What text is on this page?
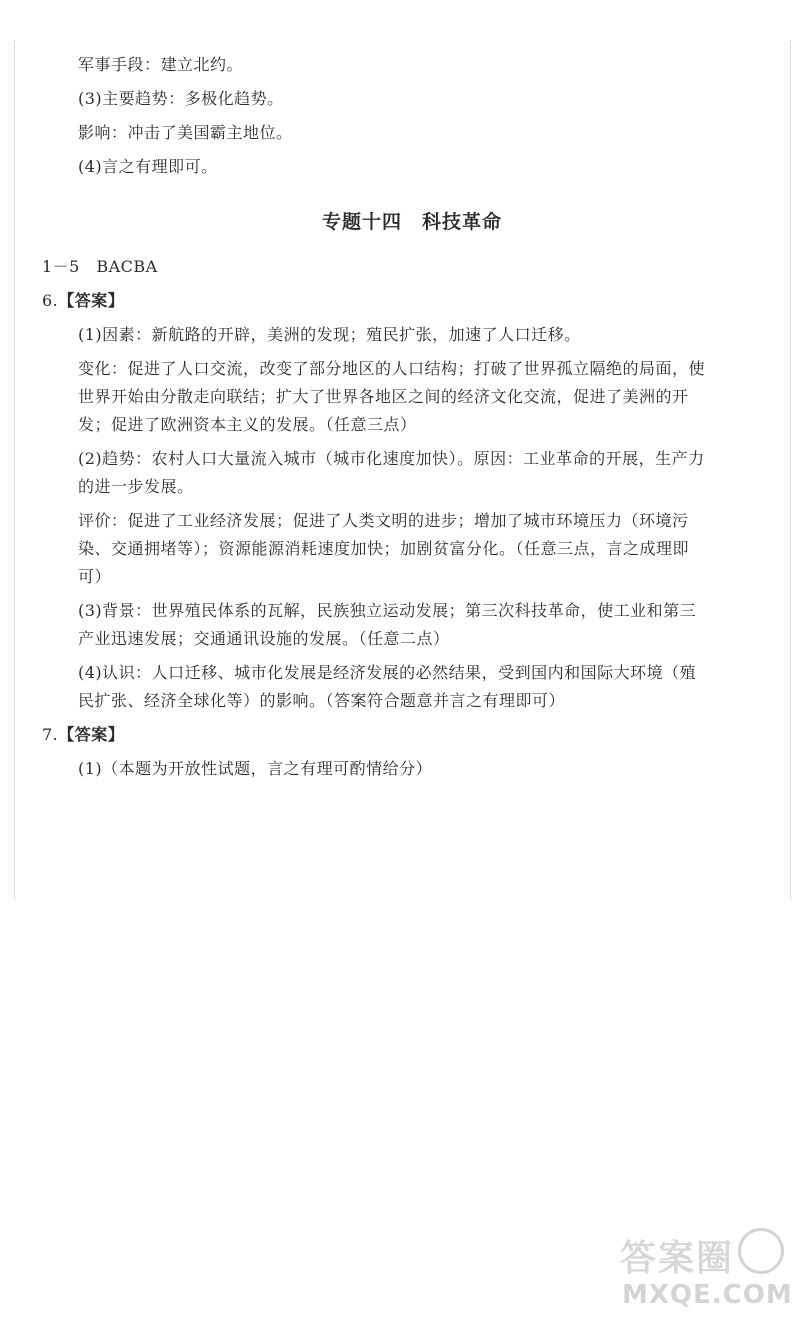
军事手段：建立北约。
(3)主要趋势：多极化趋势。
影响：冲击了美国霸主地位。
(4)言之有理即可。
专题十四　科技革命
1－5　BACBA
6.【答案】
(1)因素：新航路的开辟，美洲的发现；殖民扩张，加速了人口迁移。
变化：促进了人口交流，改变了部分地区的人口结构；打破了世界孤立隔绝的局面，使
世界开始由分散走向联结；扩大了世界各地区之间的经济文化交流，促进了美洲的开
发；促进了欧洲资本主义的发展。（任意三点）
(2)趋势：农村人口大量流入城市（城市化速度加快）。原因：工业革命的开展，生产力
的进一步发展。
评价：促进了工业经济发展；促进了人类文明的进步；增加了城市环境压力（环境污
染、交通拥堵等）；资源能源消耗速度加快；加剧贫富分化。（任意三点，言之成理即
可）
(3)背景：世界殖民体系的瓦解，民族独立运动发展；第三次科技革命，使工业和第三
产业迅速发展；交通通讯设施的发展。（任意二点）
(4)认识：人口迁移、城市化发展是经济发展的必然结果，受到国内和国际大环境（殖
民扩张、经济全球化等）的影响。（答案符合题意并言之有理即可）
7.【答案】
(1)（本题为开放性试题，言之有理可酌情给分）
答案圈
MXQE.COM
